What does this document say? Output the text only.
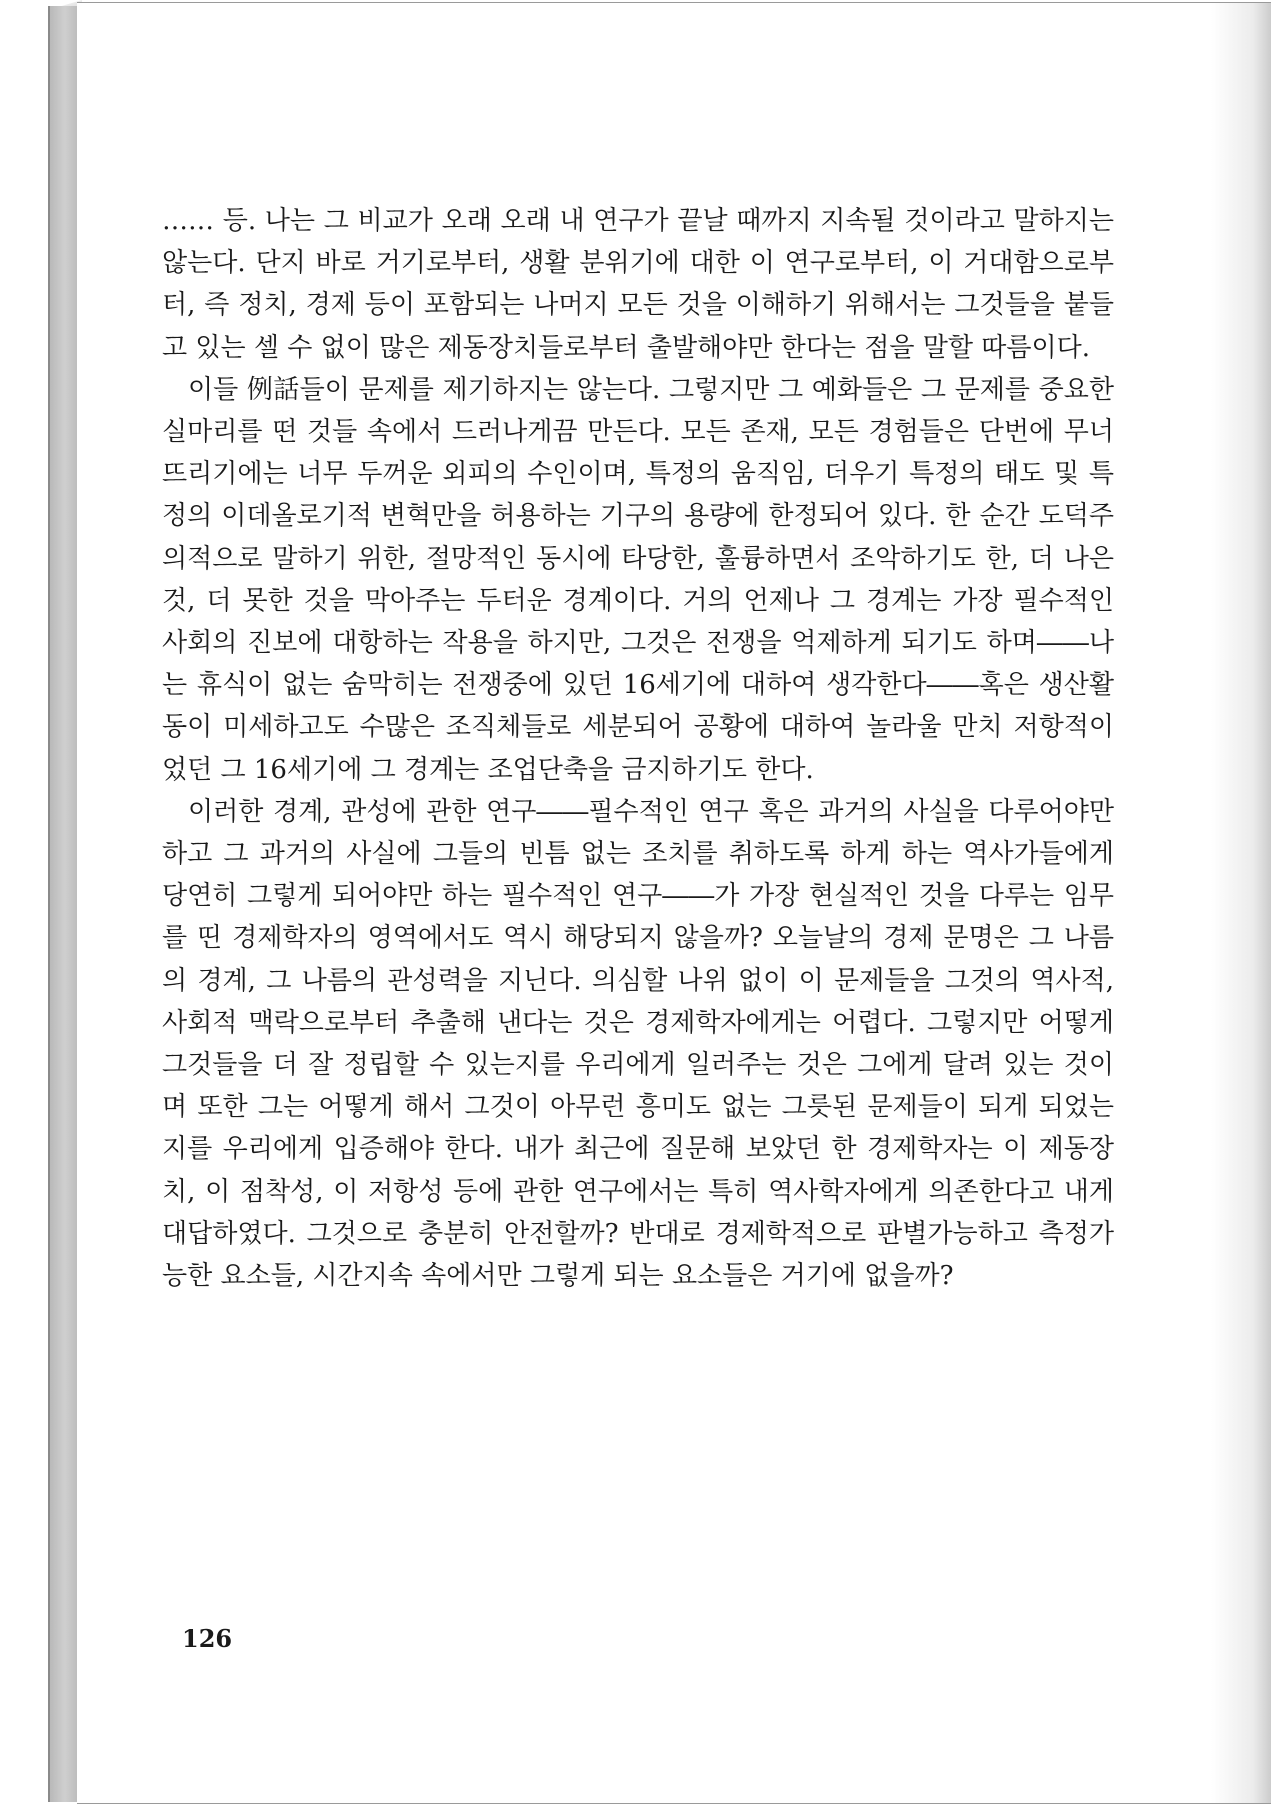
…… 등. 나는 그 비교가 오래 오래 내 연구가 끝날 때까지 지속될 것이라고 말하지는 않는다. 단지 바로 거기로부터, 생활 분위기에 대한 이 연구로부터, 이 거대함으로부터, 즉 정치, 경제 등이 포함되는 나머지 모든 것을 이해하기 위해서는 그것들을 붙들고 있는 셀 수 없이 많은 제동장치들로부터 출발해야만 한다는 점을 말할 따름이다.

이들 例話들이 문제를 제기하지는 않는다. 그렇지만 그 예화들은 그 문제를 중요한 실마리를 떤 것들 속에서 드러나게끔 만든다. 모든 존재, 모든 경험들은 단번에 무너뜨리기에는 너무 두꺼운 외피의 수인이며, 특정의 움직임, 더우기 특정의 태도 및 특정의 이데올로기적 변혁만을 허용하는 기구의 용량에 한정되어 있다. 한 순간 도덕주의적으로 말하기 위한, 절망적인 동시에 타당한, 훌륭하면서 조악하기도 한, 더 나은 것, 더 못한 것을 막아주는 두터운 경계이다. 거의 언제나 그 경계는 가장 필수적인 사회의 진보에 대항하는 작용을 하지만, 그것은 전쟁을 억제하게 되기도 하며――나는 휴식이 없는 숨막히는 전쟁중에 있던 16세기에 대하여 생각한다――혹은 생산활동이 미세하고도 수많은 조직체들로 세분되어 공황에 대하여 놀라울 만치 저항적이었던 그 16세기에 그 경계는 조업단축을 금지하기도 한다.

이러한 경계, 관성에 관한 연구――필수적인 연구 혹은 과거의 사실을 다루어야만 하고 그 과거의 사실에 그들의 빈틈 없는 조치를 취하도록 하게 하는 역사가들에게 당연히 그렇게 되어야만 하는 필수적인 연구――가 가장 현실적인 것을 다루는 임무를 띤 경제학자의 영역에서도 역시 해당되지 않을까? 오늘날의 경제 문명은 그 나름의 경계, 그 나름의 관성력을 지닌다. 의심할 나위 없이 이 문제들을 그것의 역사적, 사회적 맥락으로부터 추출해 낸다는 것은 경제학자에게는 어렵다. 그렇지만 어떻게 그것들을 더 잘 정립할 수 있는지를 우리에게 일러주는 것은 그에게 달려 있는 것이며 또한 그는 어떻게 해서 그것이 아무런 흥미도 없는 그릇된 문제들이 되게 되었는지를 우리에게 입증해야 한다. 내가 최근에 질문해 보았던 한 경제학자는 이 제동장치, 이 점착성, 이 저항성 등에 관한 연구에서는 특히 역사학자에게 의존한다고 내게 대답하였다. 그것으로 충분히 안전할까? 반대로 경제학적으로 판별가능하고 측정가능한 요소들, 시간지속 속에서만 그렇게 되는 요소들은 거기에 없을까?

126
